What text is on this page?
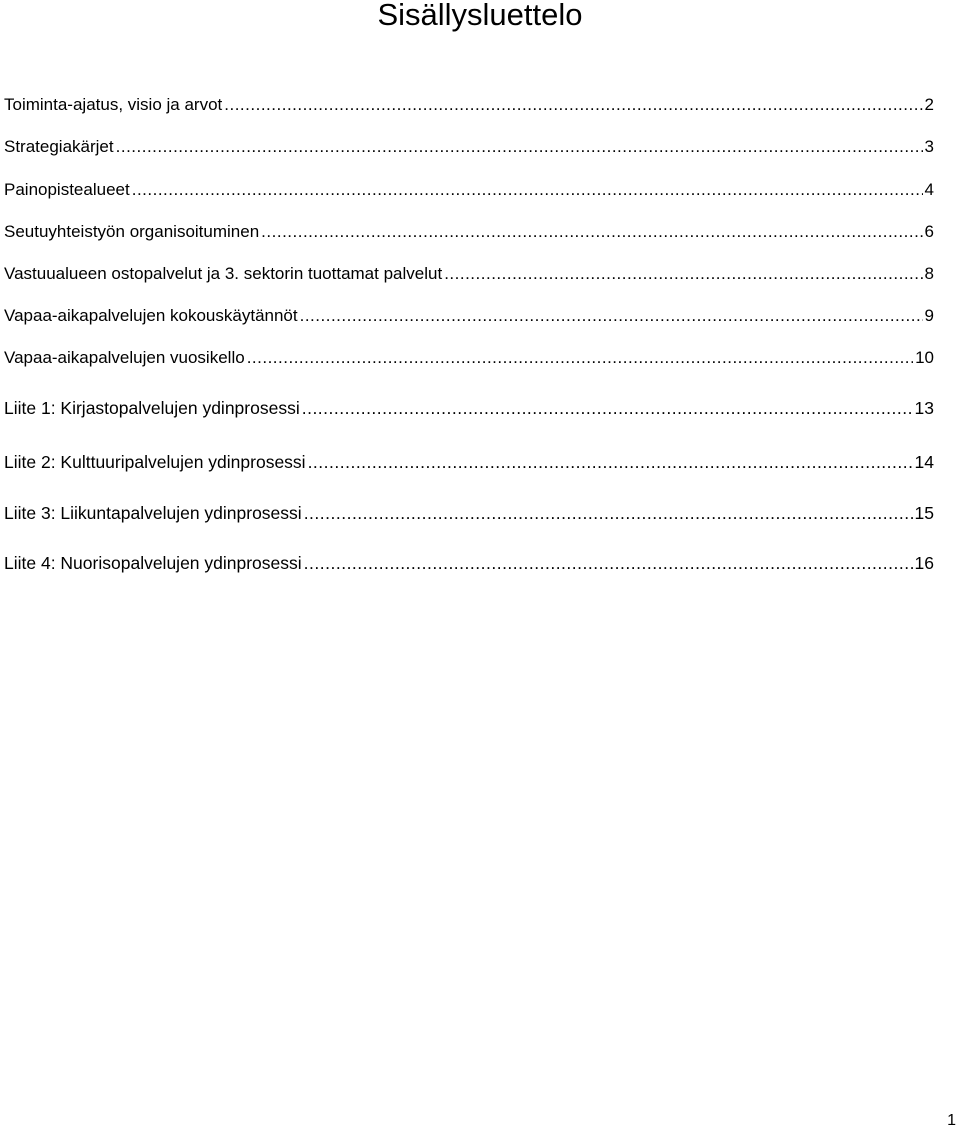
Sisällysluettelo
Toiminta-ajatus, visio ja arvot .....	2
Strategiakärjet .....	3
Painopistealueet .....	4
Seutuyhteistyön organisoituminen .....	6
Vastuualueen ostopalvelut ja 3. sektorin tuottamat palvelut .....	8
Vapaa-aikapalvelujen kokouskäytännöt .....	9
Vapaa-aikapalvelujen vuosikello .....	10
Liite 1: Kirjastopalvelujen ydinprosessi .....	13
Liite 2: Kulttuuripalvelujen ydinprosessi .....	14
Liite 3: Liikuntapalvelujen ydinprosessi .....	15
Liite 4: Nuorisopalvelujen ydinprosessi .....	16
1
